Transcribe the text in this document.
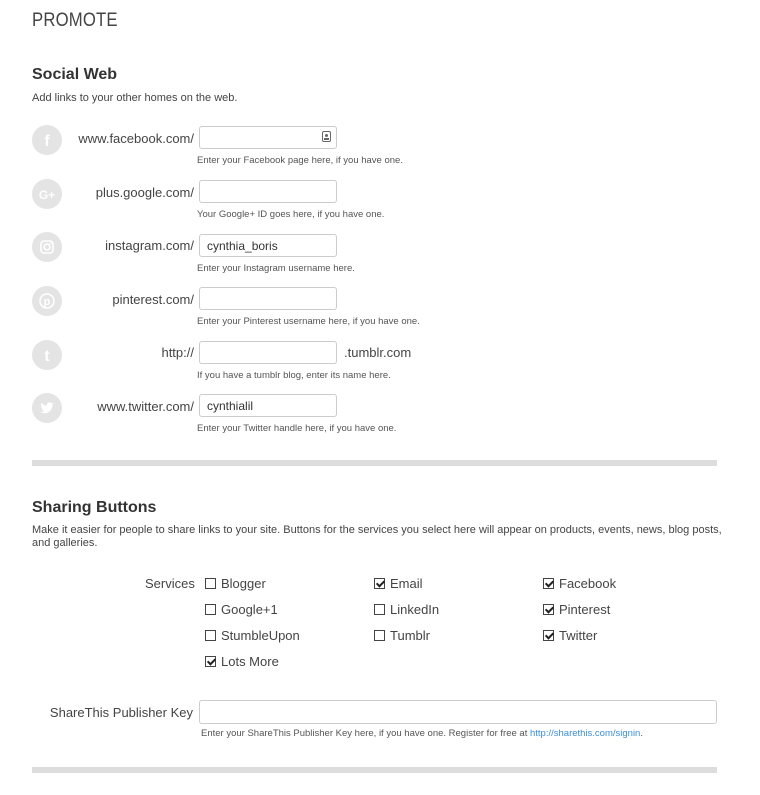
PROMOTE
Social Web
Add links to your other homes on the web.
f www.facebook.com/
Enter your Facebook page here, if you have one.
G+	plus.google.com/
Your Google+ ID goes here, if you have one.
instagram.com/	cynthia_boris
Enter your Instagram username here.
p	pinterest.com/
Enter your Pinterest username here, if you have one.
t	http://	.tumblr.com
If you have a tumblr blog, enter its name here.
www.twitter.com/	cynthialil
Enter your Twitter handle here, if you have one.
Sharing Buttons
Make it easier for people to share links to your site. Buttons for the services you select here will appear on products, events, news, blog posts, and galleries.
Services Blogger	Email	Facebook
Google+1	LinkedIn	Pinterest
StumbleUpon	Tumblr	Twitter
Lots More
ShareThis Publisher Key
Enter your ShareThis Publisher Key here, if you have one. Register for free at http://sharethis.com/signin.
